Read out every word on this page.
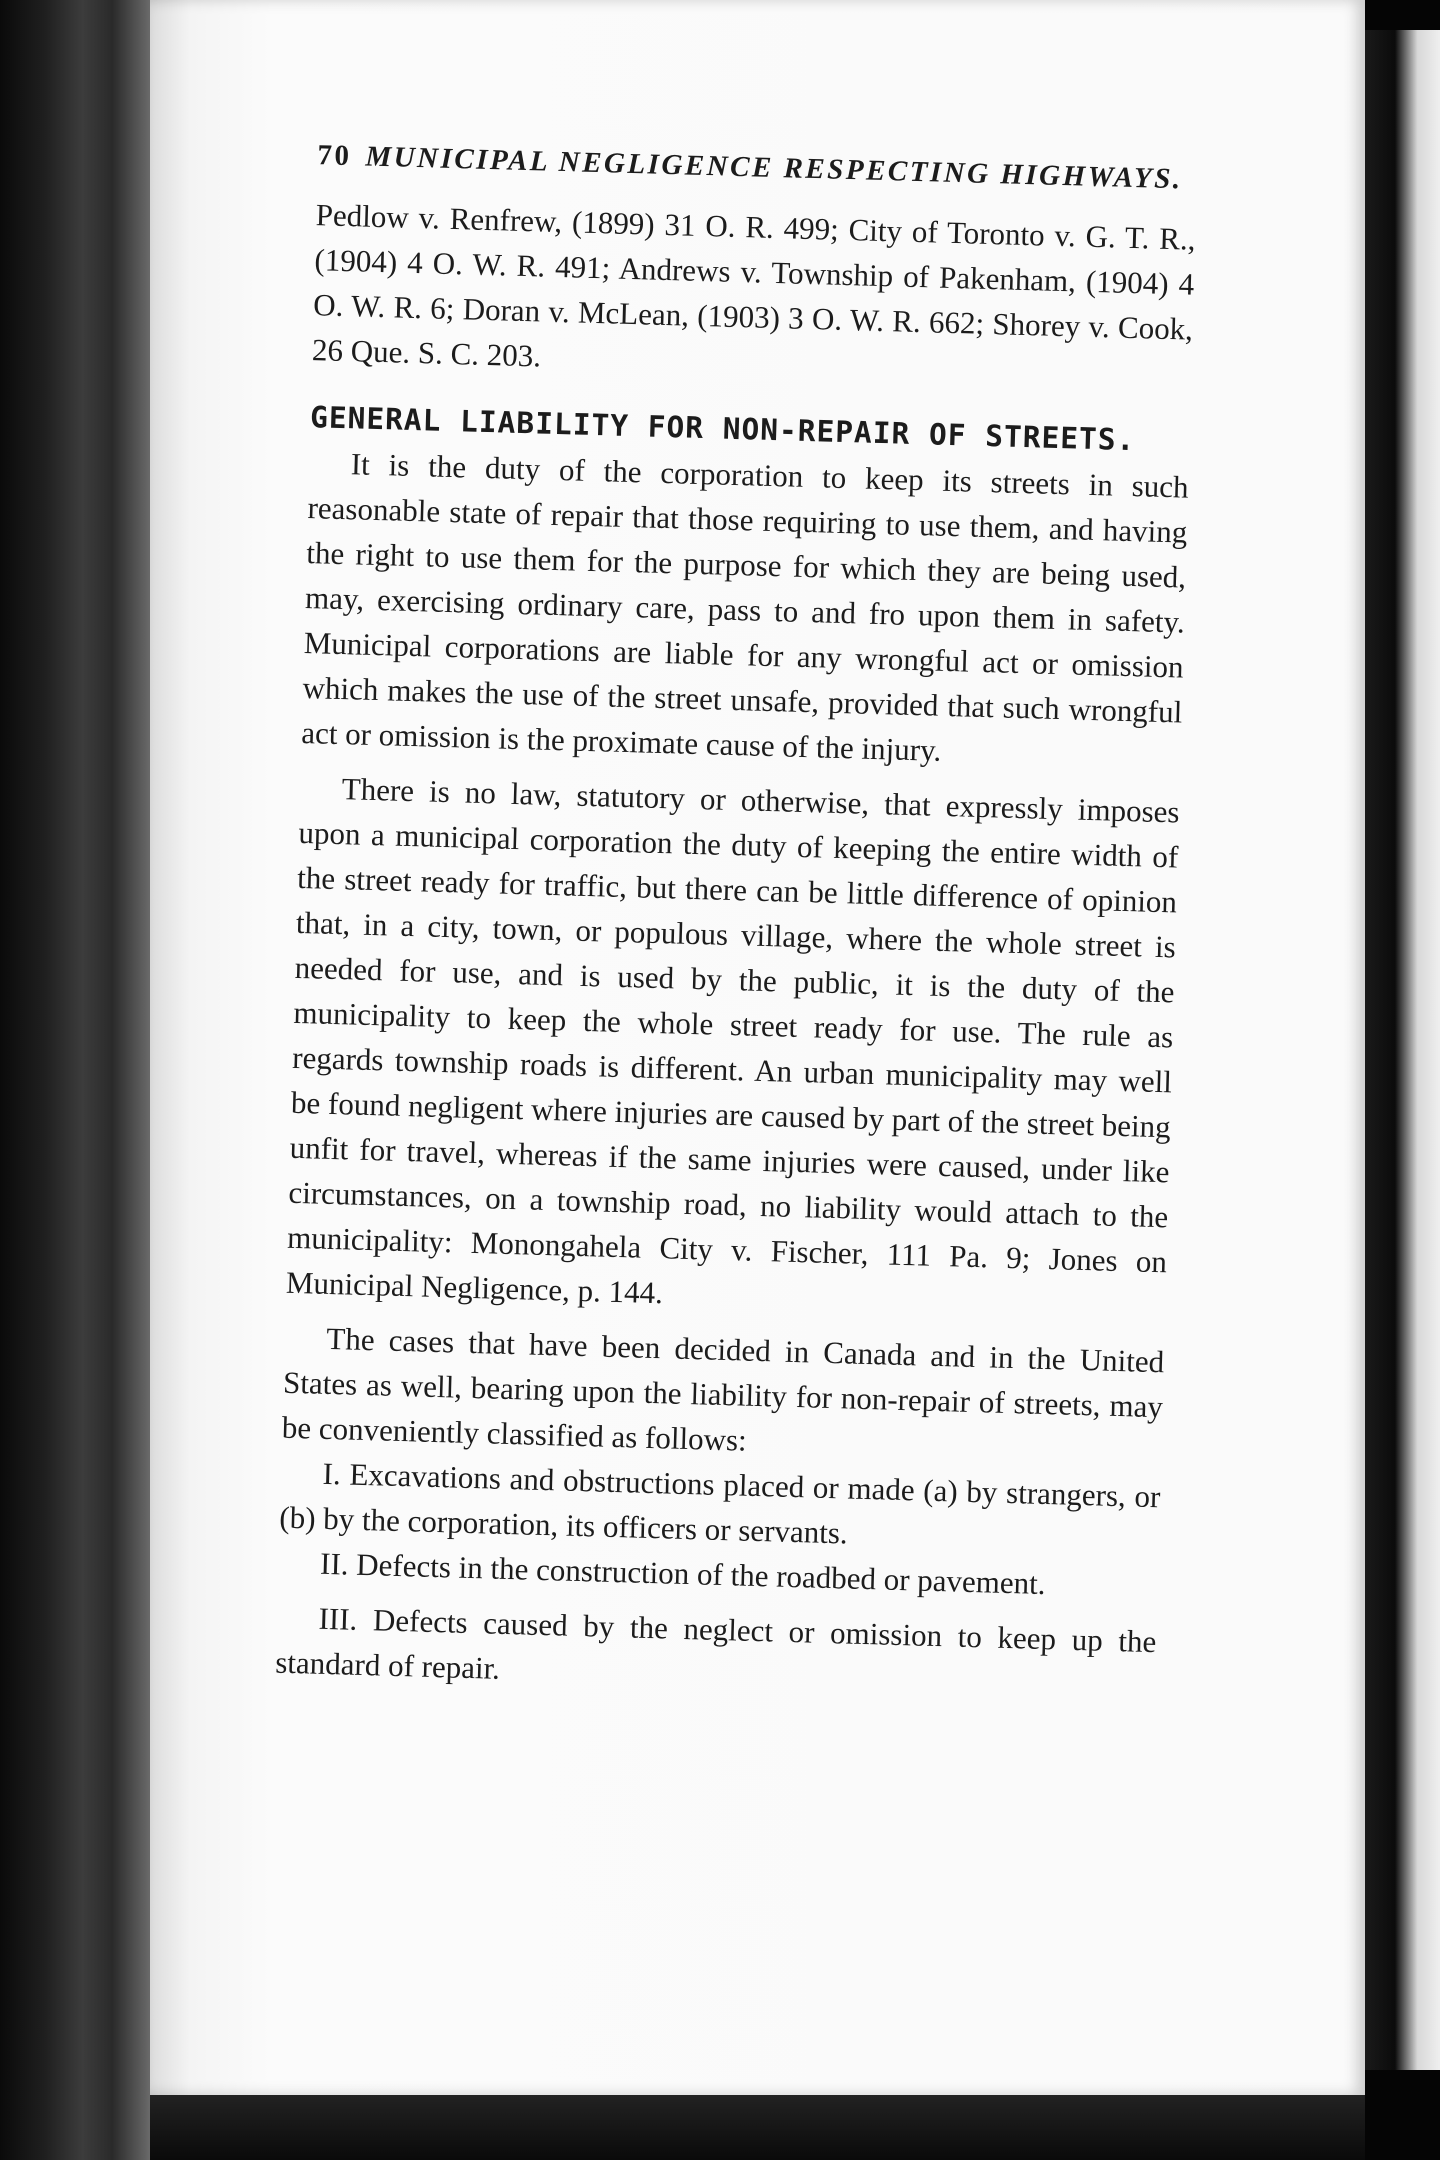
70 MUNICIPAL NEGLIGENCE RESPECTING HIGHWAYS.

Pedlow v. Renfrew, (1899) 31 O. R. 499; City of Toronto v. G. T. R., (1904) 4 O. W. R. 491; Andrews v. Township of Pakenham, (1904) 4 O. W. R. 6; Doran v. McLean, (1903) 3 O. W. R. 662; Shorey v. Cook, 26 Que. S. C. 203.

GENERAL LIABILITY FOR NON-REPAIR OF STREETS.

It is the duty of the corporation to keep its streets in such reasonable state of repair that those requiring to use them, and having the right to use them for the purpose for which they are being used, may, exercising ordinary care, pass to and fro upon them in safety. Municipal corporations are liable for any wrongful act or omission which makes the use of the street unsafe, provided that such wrongful act or omission is the proximate cause of the injury.

There is no law, statutory or otherwise, that expressly imposes upon a municipal corporation the duty of keeping the entire width of the street ready for traffic, but there can be little difference of opinion that, in a city, town, or populous village, where the whole street is needed for use, and is used by the public, it is the duty of the municipality to keep the whole street ready for use. The rule as regards township roads is different. An urban municipality may well be found negligent where injuries are caused by part of the street being unfit for travel, whereas if the same injuries were caused, under like circumstances, on a township road, no liability would attach to the municipality: Monongahela City v. Fischer, 111 Pa. 9; Jones on Municipal Negligence, p. 144.

The cases that have been decided in Canada and in the United States as well, bearing upon the liability for non-repair of streets, may be conveniently classified as follows:

I. Excavations and obstructions placed or made (a) by strangers, or (b) by the corporation, its officers or servants.

II. Defects in the construction of the roadbed or pavement.

III. Defects caused by the neglect or omission to keep up the standard of repair.
